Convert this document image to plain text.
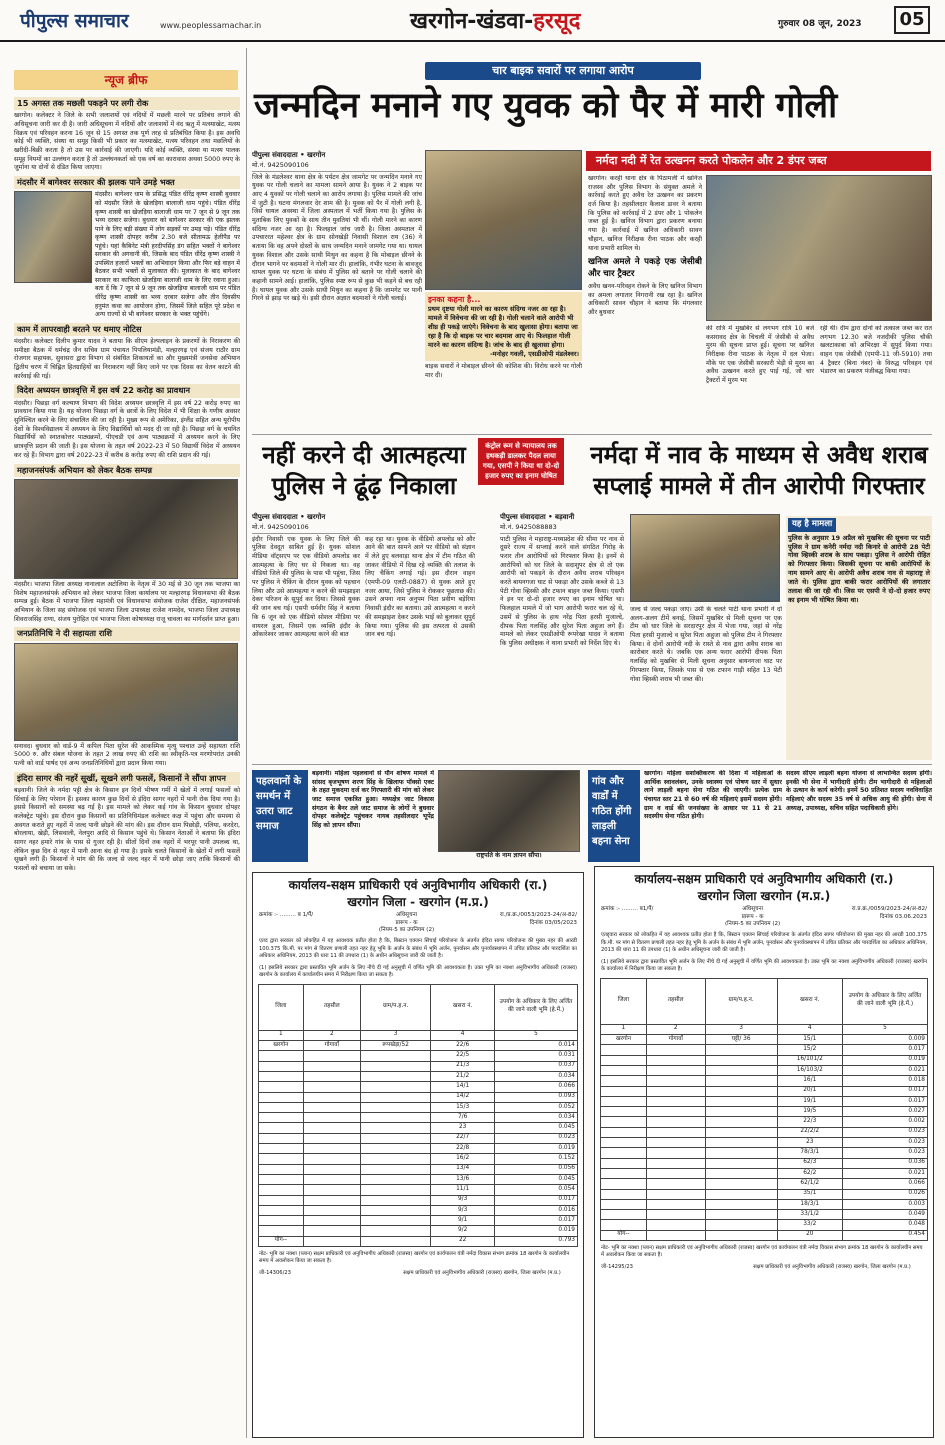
पीपुल्स समाचार	www.peoplessamachar.in	खरगोन-खंडवा-हरसूद	गुरुवार 08 जून, 2023	05
न्यूज ब्रीफ
15 अगस्त तक मछली पकड़ने पर लगी रोक
खरगोन। कलेक्टर ने जिले के सभी जलाशयों एवं नदियों में मछली मारने पर प्रतिबंध लगाने की अधिसूचना जारी कर दी है। जारी अधिसूचना में नदियों और जलाशयों में वंद ऋतु में मत्स्याखेट, मत्स्य विक्रय एवं परिवहन करना 16 जून से 15 अगस्त तक पूर्ण तरह से प्रतिबंधित किया है। इस अवधि कोई भी व्यक्ति, संस्था या समूह किसी भी प्रकार का मत्स्याखेट, मत्स्य परिवहन तथा मछलियों के खरीदी-बिक्री करता है तो उस पर कार्रवाई की जाएगी। यदि कोई व्यक्ति, संस्था या मत्स्य पालक समूह नियमों का उल्लंघन करता है तो उल्लंघनकर्ता को एक वर्ष का कारावास अथवा 5000 रुपए के जुर्माना या दोनों से दंडित किया जाएगा।
मंदसौर में बागेश्वर सरकार की झलक पाने उमड़े भक्त
मंदसौर। बागेश्वर धाम के प्रसिद्ध पंडित धीरेंद्र कृष्ण शास्त्री बुधवार को मंदसौर जिले के खेजड़िया बालाजी धाम पहुंचे। पंडित धीरेंद्र कृष्ण शास्त्री का खेजड़िया बालाजी धाम पर 7 जून से 9 जून तक भव्य दरबार सजेगा। बुधवार को बागेश्वर सरकार की एक झलक पाने के लिए बड़ी संख्या में लोग सड़कों पर उमड़ पड़े। पंडित धीरेंद्र कृष्ण शास्त्री दोपहर करीब 2.30 बजे सीतामऊ हेलीपैड पर पहुंचे। यहां कैबिनेट मंत्री हरदीपसिंह डंग सहित भक्तों ने बागेश्वर सरकार की अगवानी की, जिसके बाद पंडित धीरेंद्र कृष्ण शास्त्री ने उपस्थित हजारों भक्तों का अभिवादन किया और फिर बड़े वाहन में बैठकर सभी भक्तों से मुलाकात की। मुलाकात के बाद बागेश्वर सरकार का काफिला खेजड़िया बालाजी धाम के लिए रवाना हुआ। बता दें कि 7 जून से 9 जून तक खेजड़िया बालाजी धाम पर पंडित धीरेंद्र कृष्ण शास्त्री का भव्य दरबार सजेगा और तीन दिवसीय हनुमंत कथा का आयोजन होगा, जिसमें जिले सहित पूरे प्रदेश व अन्य राज्यों से भी बागेश्वर सरकार के भक्त पहुंचेंगे।
काम में लापरवाही बरतने पर थमाए नोटिस
मंदसौर। कलेक्टर दिलीप कुमार यादव ने बताया कि सीएम हेल्पलाइन के प्रकरणों के निराकरण की समीक्षा बैठक में धर्मचंद्र जैन सचिव ग्राम पंचायत पिपलियामंडी, मल्हारगढ़ एवं संजय राठौर ग्राम रोजगार सहायक, सुवासरा द्वारा विभाग से संबंधित शिकायतों का और मुख्यमंत्री जनसेवा अभियान द्वितीय चरण में चिह्नित हितग्राहियों का निराकरण नहीं किए जाने पर एक दिवस का वेतन काटने की कार्रवाई की गई।
विदेश अध्ययन छात्रवृत्ति में इस वर्ष 22 करोड़ का प्रावधान
मंदसौर। पिछड़ा वर्ग कल्याण विभाग की विदेश अध्ययन छात्रवृत्ति में इस वर्ष 22 करोड़ रुपए का प्रावधान किया गया है। यह योजना पिछड़ा वर्ग के छात्रों के लिए विदेश में भी शिक्षा के गणीय अवसर सुनिश्चित करने के लिए संचालित की जा रही है। मुख्य रूप से अमेरिका, इंग्लैंड सहित अन्य यूरोपीय देशों के विश्वविद्यालय में अध्ययन के लिए विद्यार्थियों को मदद दी जा रही है। पिछड़ा वर्ग के चयनित विद्यार्थियों को स्नातकोत्तर पाठ्यक्रमों, पीएचडी एवं अन्य पाठ्यक्रमों में अध्ययन करने के लिए छात्रवृत्ति प्रदान की जाती है। इस योजना के तहत वर्ष 2022-23 में 50 विद्यार्थी विदेश में अध्ययन कर रहे हैं। विभाग द्वारा वर्ष 2022-23 में करीब 8 करोड़ रुपए की राशि प्रदान की गई।
महाजनसंपर्क अभियान को लेकर बैठक सम्पन्न
मंदसौर। भाजपा जिला अध्यक्ष नानालाल अटोलिया के नेतृत्व में 30 मई से 30 जून तक भाजपा का विशेष महाजनसंपर्क अभियान को लेकर भाजपा जिला कार्यालय पर मल्हारगढ़ विधानसभा की बैठक सम्पन्न हुई। बैठक में भाजपा जिला महामंत्री एवं विधानसभा संयोजक राजेश दीक्षित, महाजनसंपर्क अभियान के जिला सह संयोजक एवं भाजपा जिला उपाध्यक्ष राजेश नामदेव, भाजपा जिला उपाध्यक्ष शिवराजसिंह राणा, संजय पुरोहित एवं भाजपा जिला कोषाध्यक्ष राजू चावला का मार्गदर्शन प्राप्त हुआ।
जनप्रतिनिधि ने दी सहायता राशि
सनावद। बुधवार को वार्ड-9 में कपिल पिता सुरेश की आकस्मिक मृत्यु पश्चात उन्हें सहायता राशि 5000 रु. और संबल योजना के तहत 2 लाख रुपए की राशि का स्वीकृति-पत्र मरणोपरांत उनकी पत्नी को वार्ड पार्षद एवं अन्य जनप्रतिनिधियों द्वारा प्रदान किया गया।
इंदिरा सागर की नहरें सूखीं, सूखने लगी फसलें, किसानों ने सौंपा ज्ञापन
बड़वानी। जिले के नर्मदा पट्टी क्षेत्र के किसान इन दिनों भीषण गर्मी में खेतों में लगाई फसलों को सिंचाई के लिए परेशान हैं। इसका कारण कुछ दिनों से इंदिरा सागर नहरों में पानी रोक दिया गया है। इससे किसानों को समस्या बढ़ गई है। इस मामले को लेकर कई गांव के किसान बुधवार दोपहर कलेक्ट्रेट पहुंचे। इस दौरान कुछ किसानों का प्रतिनिधिमंडल कलेक्टर कक्ष में पहुंचा और समस्या से अवगत कराते हुए नहरों में जल्द पानी छोड़ने की मांग की। इस दौरान ग्राम पिछोड़ी, पलिया, करदेरा, बोरलाया, खेड़ी, लिसवाली, नेलपुरा आदि से किसान पहुंचे थे। किसान नेताओं ने बताया कि इंदिरा सागर नहर हमारे गांव के पास से गुजर रही है। सीतों दिनों तक नहरों में भरपूर पानी उपलब्ध था, लेकिन कुछ दिन से नहर में पानी आना बंद हो गया है। इसके चलते किसानों के खेतों में लगी फसलें सूखने लगी हैं। किसानों ने मांग की कि जल्द से जल्द नहर में पानी छोड़ा जाए ताकि किसानों की फसलों को बचाया जा सके।
चार बाइक सवारों पर लगाया आरोप
जन्मदिन मनाने गए युवक को पैर में मारी गोली
पीपुल्स संवाददाता • खरगोन
मो.नं. 9425090106
जिले के मंडलेश्वर थाना क्षेत्र के पर्यटन क्षेत्र जामगेट पर जन्मदिन मनाने गए युवक पर गोली चलाने का मामला सामने आया है। युवक ने 2 बाइक पर आए 4 युवकों पर गोली चलाने का आरोप लगाया है। पुलिस मामले की जांच में जुटी है। घटना मंगलवार देर शाम की है। युवक को पैर में गोली लगी है, जिसे घायल अवस्था में जिला अस्पताल में भर्ती किया गया है। पुलिस के मुताबिक लिए युवकों के साथ तीन युवतियां भी थीं। गोली मारने का कारण संदिग्ध नजर आ रहा है। फिलहाल जांच जारी है। जिला अस्पताल में उपचाररत महेश्वर क्षेत्र के ग्राम सोनखेड़ी निवासी विशाल राय (36) ने बताया कि वह अपने दोस्तों के साथ जन्मदिन मनाने जामगेट गया था। घायल युवक विशाल और उसके साथी मिथुन का कहना है कि मोबाइल छीनने के दौरान भागने पर बदमाशों ने गोली मार दी। हालांकि, गंभीर घटना के बावजूद घायल युवक पर घटना के संबंध में पुलिस को बताने पर गोली चलाने की कहानी सामने आई। हालांकि, पुलिस स्पष्ट रूप से कुछ भी कहने से बच रही है। घायल युवक और उसके साथी मिथुन का कहना है कि जामगेट पर पानी गिरने से झाड़ पर खड़े थे। इसी दौरान अज्ञात बदमाशों ने गोली चलाई।	इनका कहना है...
प्रथम दृष्टया गोली मारने का कारण संदिग्ध नजर आ रहा है। मामले में विवेचना की जा रही है। गोली चलाने वाले आरोपी भी शीघ्र ही पकड़े जाएंगे। विवेचना के बाद खुलासा होगा। बताया जा रहा है कि दो बाइक पर चार बदमाश आए थे। फिलहाल गोली मारने का कारण संदिग्ध है। जांच के बाद ही खुलासा होगा।
-मनोहर गवली, एसडीओपी मंडलेश्वर।
बाइक सवारों ने मोबाइल छीनने की कोशिश की। विरोध करने पर गोली मार दी।
नर्मदा नदी में रेत उत्खनन करते पोकलेन और 2 डंपर जब्त
खरगोन। करही थाना क्षेत्र के पिठामली में खनिज राजस्व और पुलिस विभाग के संयुक्त अमले ने कार्रवाई करते हुए अवैध रेत उत्खनन का प्रकरण दर्ज किया है। तहसीलदार कैलाश डावर ने बताया कि पुलिस को कार्रवाई में 2 डंपर और 1 पोकलेन जब्त हुई है। खनिज विभाग द्वारा प्रकरण बनाया गया है। कार्रवाई में खनिज अधिकारी सावन चौहान, खनिज निरीक्षक रीना पाठक और करही थाना प्रभारी शामिल थे।
खनिज अमले ने पकड़े एक जेसीबी और चार ट्रैक्टर
अवैध खनन-परिवहन रोकने के लिए खनिज विभाग का अमला लगातार निगरानी रख रहा है। खनिज अधिकारी सावन चौहान ने बताया कि मंगलवार और बुधवार
की रात्रि में मुखबिर से लगभग रात्रि 10 बजे कसरावद क्षेत्र के चिचली में जेसीबी से अवैध मुरम की सूचना प्राप्त हुई। सूचना पर खनिज निरीक्षक रीना पाठक के नेतृत्व में दल भेजा। मौके पर एक जेसीबी सरकारी भेड़ी से मुरम का अवैध उत्खनन करते हुए पाई गई, जो चार ट्रैक्टरों में मुरम भर
रही थी। दीम द्वारा दोनों को तत्काल जब्त कर रात लगभग 12.30 बजे नजदीकी पुलिस चौकी खलटाकाबा को अभिरक्षा में सुपुर्द किया गया। वाहन एक जेसीबी (एमपी-11 जी-5910) तथा 4 ट्रैक्टर (बिना नंबर) के विरुद्ध परिवहन एवं भंडारण का प्रकरण पंजीबद्ध किया गया।
नहीं करने दी आत्महत्या पुलिस ने ढूंढ़ निकाला
पीपुल्स संवाददाता • खरगोन
मो.नं. 9425090106
इंदौर निवासी एक युवक के लिए जिले की पुलिस देवदूत साबित हुई है। युवक सोशल मीडिया वॉट्सएप पर एक वीडियो अपलोड कर आत्महत्या के लिए घर से निकला था। वह वीडियो जिले की पुलिस के पास भी पहुंचा, जिस पर पुलिस ने चैकिंग के दौरान युवक को पहचान लिया और उसे आत्महत्या न करने की समझाइश देकर परिजन के सुपुर्द कर दिया। जिससे युवक की जान बच गई। एसपी धर्मवीर सिंह ने बताया कि 6 जून को एक वीडियो सोशल मीडिया पर वायरल हुआ, जिसमें एक व्यक्ति इंदौर के ओंकारेश्वर जाकर आत्महत्या करने की बात
कह रहा था। युवक के वीडियो अपलोड को और आने की बात सामने आने पर वीडियो को संज्ञान में लेते हुए बलवाड़ा थाना क्षेत्र में टीम गठित की जाकर वीडियो में दिख रहे व्यक्ति की तलाश के लिए चैकिंग लगाई गई। इस दौरान वाहन (एमपी-09 एलटी-0887) से युवक आते हुए नजर आया, जिसे पुलिस ने रोककर पूछताछ की। उसने अपना नाम अनुपम पिता प्रवीण बड़ेरिया निवासी इंदौर का बताया। उसे आत्महत्या न करने की समझाइश देकर उसके भाई को बुलाकर सुपुर्द किया गया। पुलिस की इस तत्परता से उसकी जान बच गई।
कंट्रोल रूम से न्यायालय तक हथकड़ी डालकर पैदल लाया गया, एसपी ने किया था दो-दो हजार रुपए का इनाम घोषित
नर्मदा में नाव के माध्यम से अवैध शराब सप्लाई मामले में तीन आरोपी गिरफ्तार
पीपुल्स संवाददाता • बड़वानी
मो.नं. 9425088883
पाटी पुलिस ने महाराष्ट्र-मध्यप्रदेश की सीमा पर नाव से दूसरे राज्य में सप्लाई करने वाले संगठित गिरोह के फरार तीन आरोपियों को गिरफ्तार किया है। इनमें से आरोपियों को घर जिले के सदाशुपर क्षेत्र से तो एक आरोपी को पकड़ने के दौरान अवैध शराब परिवहन करते बायनगजा घाट से पकड़ा और उसके कब्जे से 13 पेटी गोवा व्हिस्की और टफान बाहन जब्त किया। एसपी ने इन पर दो-दो हजार रुपए का इनाम घोषित था। फिलहाल मामले में जो भाग आरोपी फरार चल रहे थे, उसमें से पुलिस के हाथ नरेंद्र पिता हरसी मुजाल्दे, दीपक पिता गलसिंह और सुरेश पिता अहुजा लगे हैं। मामले को लेकर एसडीओपी रूपरेखा यादव ने बताया कि पुलिस अधीक्षक ने थाना प्रभारी को निर्देश दिए थे।
जल्द से जल्द पकड़ा जाए। उसी के चलते पाटी थाना प्रभारी ने दो अलग-अलग टीमें बनाई, जिसमें मुखबिर से मिली सूचना पर एक टीम को धार जिले के सरदारपुर क्षेत्र में भेजा गया, जहां से नरेंद्र पिता हरसी मुजाल्दे व सुरेश पिता अहुजा को पुलिस टीम ने गिरफ्तार किया। वे दोनों आरोपी नदी के रास्ते से नाव द्वारा अवैध शराब का कारोबार करते थे। जबकि एक अन्य फरार आरोपी दीपक पिता गलसिंह को मुखबिर से मिली सूचना अनुसार बायनगजा घाट पर गिरफ्तार किया, जिसके पास से एक टफान गाड़ी सहित 13 पेटी गोवा व्हिस्की शराब भी जब्त की।
यह है मामला
पुलिस के अनुसार 19 अप्रैल को मुखबिर की सूचना पर पाटी पुलिस ने ग्राम कनेरी नर्मदा नदी किनारे से आरोपी 28 पेटी गोवा व्हिस्की शराब के साथ पकड़ा। पुलिस ने आरोपी रोहित को गिरफ्तार किया। जिसकी सूचना पर बाकी आरोपियों के नाम सामने आए थे। आरोपी अवैध शराब नाव से महाराष्ट्र ले जाते थे। पुलिस द्वारा बाकी फरार आरोपियों की लगातार तलाश की जा रही थी। जिस पर एसपी ने दो-दो हजार रुपए का इनाम भी घोषित किया था।
पहलवानों के समर्थन में उतरा जाट समाज
बड़वानी। महिला पहलवानों से यौन शोषण मामले में सांसद बृजभूषण शरण सिंह के खिलाफ पॉक्सो एक्ट के तहत मुकदमा दर्ज कर गिरफ्तारी की मांग को लेकर जाट समाज एकत्रित हुआ। मध्यक्षेत्र जाट विकास संगठन के बैनर तले जाट समाज के लोगों ने बुधवार दोपहर कलेक्ट्रेट पहुंचकर नायब तहसीलदार भूपेंद्र सिंह को ज्ञापन सौंपा।
राष्ट्रपति के नाम ज्ञापन सौंपा।
गांव और वार्डों में गठित होंगी लाड़ली बहना सेना
खरगोन। महिला सशक्तिकरण की दिशा में महिलाओं के आर्थिक स्वावलंबन, उनके स्वास्थ्य एवं पोषण स्तर में सुधार लाने लाड़ली बहना सेना गठित की जाएगी। प्रत्येक ग्राम पंचायत स्तर 21 से 60 वर्ष की महिलाएं इसमें सदस्य होंगी। ग्राम व वार्ड की जनसंख्या के आधार पर 11 से 21 सदस्यीय सेना गठित होगी।
सदस्य सीएम लाड़ली बहना योजना से लाभान्वित सदस्य होंगी। इनकी भी सेना में भागीदारी होगी। टीम भागीदारी से महिलाओं के उत्थान के कार्य करेगी। इनमें 50 प्रतिशत सदस्य नवविवाहित महिलाएं और सदस्य 35 वर्ष से अधिक आयु की होंगी। सेना में अध्यक्ष, उपाध्यक्ष, सचिव सहित पदाधिकारी होंगे।
कार्यालय-सक्षम प्राधिकारी एवं अनुविभागीय अधिकारी (रा.)
खरगोन जिला - खरगोन (म.प्र.)
क्रमांक :- ......... ब 1/पैं/	अधिसूचना
प्रारूप - क
(नियम-5 का उपनियम (2)
रा./प्र.क्र./0053/2023-24/अ-82/
दिनांक 03/05/2023
एतद द्वारा सरकार को लोकहित में यह आवश्यक प्रतीत होता है कि, बिस्टान एक्जन सिंचाई परियोजना के अंतर्गत इंदिरा सागर परियोजना की मुख्य नहर की आरडी 100.375 कि.मी. पर मांग से वितरण प्रणाली तहत नहर हेतु भूमि के अर्जन के संबंध में भूमि अर्जन, पुनर्वासन और पुनर्व्यवस्थापन में उचित प्रतिकर और पारदर्शिता का अधिकार अधिनियम, 2013 की धारा 11 की उपधारा (1) के अधीन अधिसूचना जारी की जाती है।
(1) इसलिये सरकार द्वारा प्रस्तावित भूमि अर्जन के लिए नीचे दी गई अनुसूची में वर्णित भूमि की आवश्यकता है। उक्त भूमि का नक्शा अनुविभागीय अधिकारी (राजस्व) खरगोन के कार्यालय में कार्यालयीन समय में निरीक्षण किया जा सकता है।
जिला	तहसील	ग्राम/प.ह.न.	खसरा नं.	उपयोग के अधिकार के लिए अर्जित की जाने वाली भूमि (हे.में.)
1	2	3	4	5
खरगोन	गोगावाँ	रूपखेड़ा/52	22/6	0.014
			22/5	0.031
			21/3	0.037
			21/2	0.034
			14/1	0.066
			14/2	0.093
			15/3	0.052
			7/6	0.034
			23	0.045
			22/7	0.023
			22/8	0.019
			16/2	0.152
			13/4	0.056
			13/6	0.045
			11/1	0.054
			9/3	0.017
			9/3	0.016
			9/1	0.017
			9/2	0.019
योग--			22	0.793
नोट- भूमि का नक्शा (प्लान) सक्षम प्राधिकारी एवं अनुविभागीय अधिकारी (राजस्व) खरगोन एवं कार्यपालन यंत्री नर्मदा विकास संभाग क्रमांक 18 खरगोन के कार्यालयीन समय में अवलोकन किया जा सकता है।
जी-14306/23	सक्षम प्राधिकारी एवं अनुविभागीय अधिकारी (राजस्व) खरगोन, जिला खरगोन (म.प्र.)
कार्यालय-सक्षम प्राधिकारी एवं अनुविभागीय अधिकारी (रा.)
खरगोन जिला खरगोन (म.प्र.)
क्रमांक :- ......... ब1/पैं/	अधिसूचना
प्रारूप - क
(नियम-5 का उपनियम (2)
रा.प्र.क्र./0059/2023-24/अ-82/
दिनांक 03.06.2023
एतद्द्वारा सरकार को लोकहित में यह आवश्यक प्रतीत होता है कि, बिस्टान एक्जन सिंचाई परियोजना के अंतर्गत इंदिरा सागर परियोजना की मुख्य नहर की आरडी 100.375 कि.मी. पर मांग से वितरण प्रणाली तहत नहर हेतु भूमि के अर्जन के संबंध में भूमि अर्जन, पुनर्वासन और पुनर्व्यवस्थापन में उचित प्रतिकर और पारदर्शिता का अधिकार अधिनियम, 2013 की धारा 11 की उपधारा (1) के अधीन अधिसूचना जारी की जाती है।
(1) इसलिये सरकार द्वारा प्रस्तावित भूमि अर्जन के लिए नीचे दी गई अनुसूची में वर्णित भूमि की आवश्यकता है। उक्त भूमि का नक्शा अनुविभागीय अधिकारी (राजस्व) खरगोन के कार्यालय में निरीक्षण किया जा सकता है।
जिला	तहसील	ग्राम/प.ह.न.	खसरा नं.	उपयोग के अधिकार के लिए अर्जित की जाने वाली भूमि (हे.में.)
1	2	3	4	5
खरगोन	गोगावाँ	घट्टी/ 36	15/1	0.009
			15/2	0.017
			16/101/2	0.019
			16/103/2	0.021
			16/1	0.018
			20/1	0.017
			19/1	0.017
			19/5	0.027
			22/3	0.002
			22/2/2	0.023
			23	0.023
			78/3/1	0.023
			62/3	0.036
			62/2	0.021
			62/1/2	0.066
			35/1	0.026
			18/3/1	0.003
			33/1/2	0.049
			33/2	0.048
योग--			20	0.454
नोट- भूमि का नक्शा (प्लान) सक्षम प्राधिकारी एवं अनुविभागीय अधिकारी (राजस्व) खरगोन एवं कार्यपालन यंत्री नर्मदा विकास संभाग क्रमांक 18 खरगोन के कार्यालयीन समय में अवलोकन किया जा सकता है।
जी-14295/23	सक्षम प्राधिकारी एवं अनुविभागीय अधिकारी (राजस्व) खरगोन, जिला खरगोन (म.प्र.)
